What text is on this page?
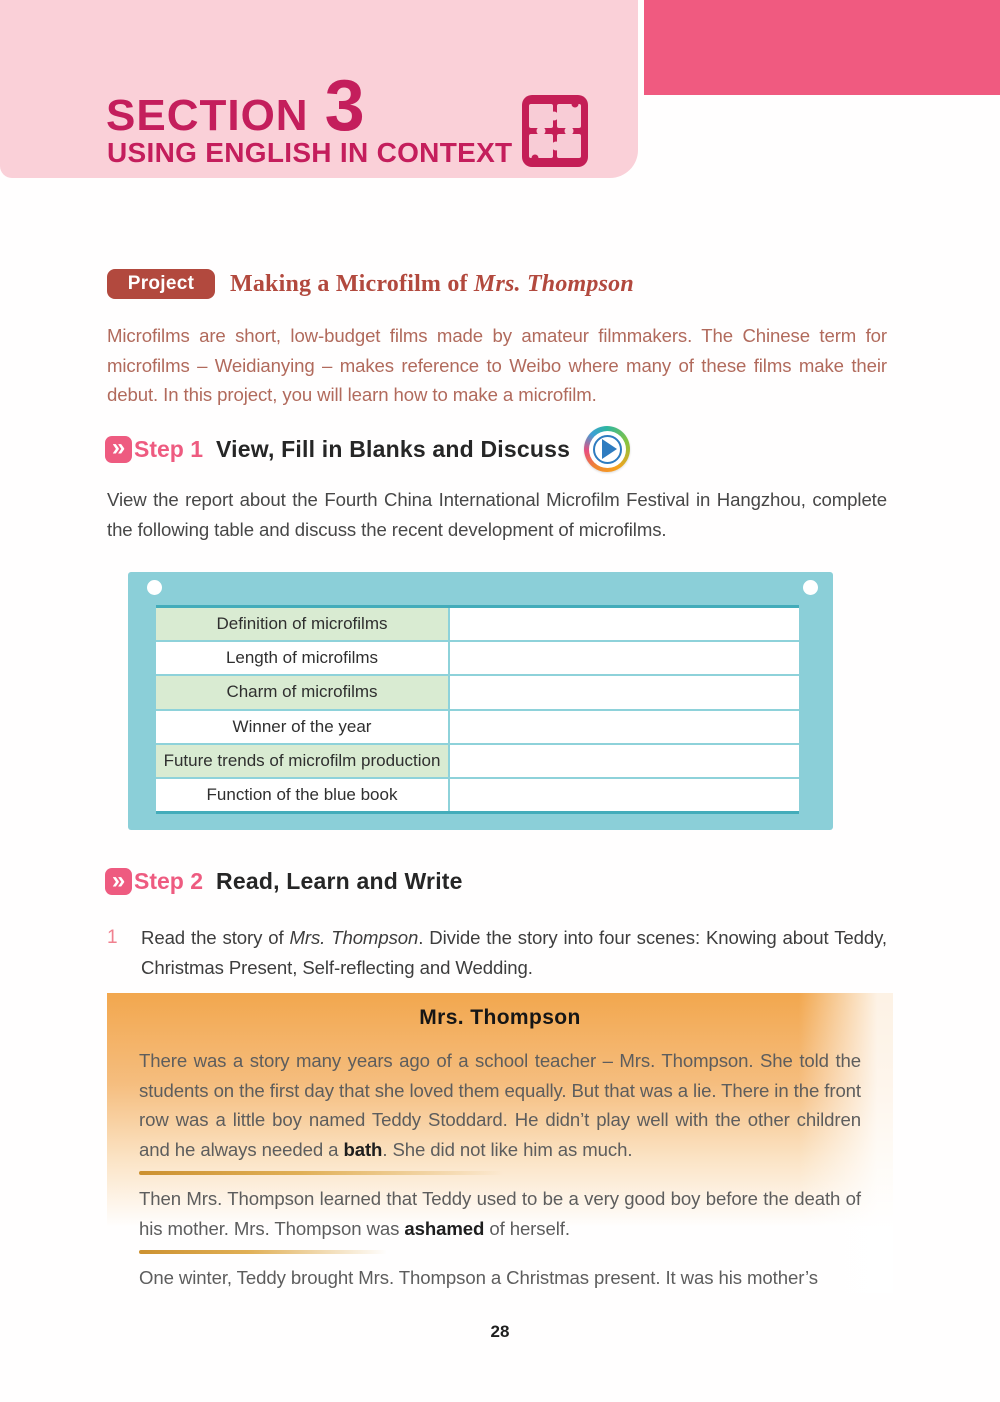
SECTION 3
USING ENGLISH IN CONTEXT
Project	Making a Microfilm of Mrs. Thompson
Microfilms are short, low-budget films made by amateur filmmakers. The Chinese term for microfilms – Weidianying – makes reference to Weibo where many of these films make their debut. In this project, you will learn how to make a microfilm.
» Step 1 View, Fill in Blanks and Discuss
View the report about the Fourth China International Microfilm Festival in Hangzhou, complete the following table and discuss the recent development of microfilms.
Definition of microfilms
Length of microfilms
Charm of microfilms
Winner of the year
Future trends of microfilm production
Function of the blue book
» Step 2 Read, Learn and Write
1	Read the story of Mrs. Thompson. Divide the story into four scenes: Knowing about Teddy, Christmas Present, Self-reflecting and Wedding.
Mrs. Thompson

There was a story many years ago of a school teacher – Mrs. Thompson. She told the students on the first day that she loved them equally. But that was a lie. There in the front row was a little boy named Teddy Stoddard. He didn’t play well with the other children and he always needed a bath. She did not like him as much.

Then Mrs. Thompson learned that Teddy used to be a very good boy before the death of his mother. Mrs. Thompson was ashamed of herself.

One winter, Teddy brought Mrs. Thompson a Christmas present. It was his mother’s

28
